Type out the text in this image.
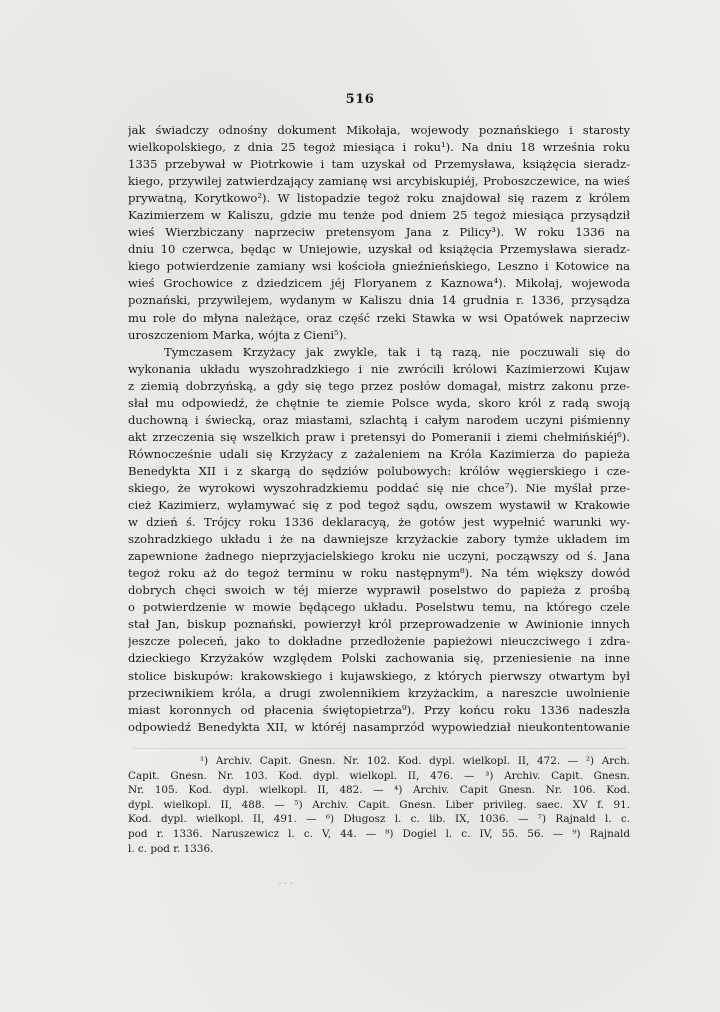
516

jak świadczy odnośny dokument Mikołaja, wojewody poznańskiego i starosty
wielkopolskiego, z dnia 25 tegoż miesiąca i roku¹). Na dniu 18 września roku
1335 przebywał w Piotrkowie i tam uzyskał od Przemysława, książęcia sieradz-
kiego, przywilej zatwierdzający zamianę wsi arcybiskupiéj, Proboszczewice, na wieś
prywatną, Korytkowo²). W listopadzie tegoż roku znajdował się razem z królem
Kazimierzem w Kaliszu, gdzie mu tenże pod dniem 25 tegoż miesiąca przysądził
wieś Wierzbiczany naprzeciw pretensyom Jana z Pilicy³). W roku 1336 na
dniu 10 czerwca, będąc w Uniejowie, uzyskał od książęcia Przemysława sieradz-
kiego potwierdzenie zamiany wsi kościoła gnieźnieńskiego, Leszno i Kotowice na
wieś Grochowice z dziedzicem jéj Floryanem z Kaznowa⁴). Mikołaj, wojewoda
poznański, przywilejem, wydanym w Kaliszu dnia 14 grudnia r. 1336, przysądza
mu role do młyna należące, oraz część rzeki Stawka w wsi Opatówek naprzeciw
uroszczeniom Marka, wójta z Cieni⁵).

Tymczasem Krzyżacy jak zwykle, tak i tą razą, nie poczuwali się do
wykonania układu wyszohradzkiego i nie zwrócili królowi Kazimierzowi Kujaw
z ziemią dobrzyńską, a gdy się tego przez posłów domagał, mistrz zakonu prze-
słał mu odpowiedź, że chętnie te ziemie Polsce wyda, skoro król z radą swoją
duchowną i świecką, oraz miastami, szlachtą i całym narodem uczyni piśmienny
akt zrzeczenia się wszelkich praw i pretensyi do Pomeranii i ziemi chełmińskiéj⁶).
Równocześnie udali się Krzyżacy z zażaleniem na Króla Kazimierza do papieża
Benedykta XII i z skargą do sędziów polubowych: królów węgierskiego i cze-
skiego, że wyrokowi wyszohradzkiemu poddać się nie chce⁷). Nie myślał prze-
cież Kazimierz, wyłamywać się z pod tegoż sądu, owszem wystawił w Krakowie
w dzień ś. Trójcy roku 1336 deklaracyą, że gotów jest wypełnić warunki wy-
szohradzkiego układu i że na dawniejsze krzyżackie zabory tymże układem im
zapewnione żadnego nieprzyjacielskiego kroku nie uczyni, począwszy od ś. Jana
tegoż roku aż do tegoż terminu w roku następnym⁸). Na tém większy dowód
dobrych chęci swoich w téj mierze wyprawił poselstwo do papieża z prośbą
o potwierdzenie w mowie będącego układu. Poselstwu temu, na którego czele
stał Jan, biskup poznański, powierzył król przeprowadzenie w Awinionie innych
jeszcze poleceń, jako to dokładne przedłożenie papieżowi nieuczciwego i zdra-
dzieckiego Krzyżaków względem Polski zachowania się, przeniesienie na inne
stolice biskupów: krakowskiego i kujawskiego, z których pierwszy otwartym był
przeciwnikiem króla, a drugi zwolennikiem krzyżackim, a nareszcie uwolnienie
miast koronnych od płacenia świętopietrza⁹). Przy końcu roku 1336 nadeszła
odpowiedź Benedykta XII, w któréj nasamprzód wypowiedział nieukontentowanie

¹) Archiv. Capit. Gnesn. Nr. 102. Kod. dypl. wielkopl. II, 472. — ²) Arch.
Capit. Gnesn. Nr. 103. Kod. dypl. wielkopl. II, 476. — ³) Archiv. Capit. Gnesn.
Nr. 105. Kod. dypl. wielkopl. II, 482. — ⁴) Archiv. Capit Gnesn. Nr. 106. Kod.
dypl. wielkopl. II, 488. — ⁵) Archiv. Capit. Gnesn. Liber privileg. saec. XV f. 91.
Kod. dypl. wielkopl. II, 491. — ⁶) Długosz l. c. lib. IX, 1036. — ⁷) Rajnald l. c.
pod r. 1336. Naruszewicz l. c. V, 44. — ⁸) Dogiel l. c. IV, 55. 56. — ⁹) Rajnald
l. c. pod r. 1336.
ˇˇˇ
